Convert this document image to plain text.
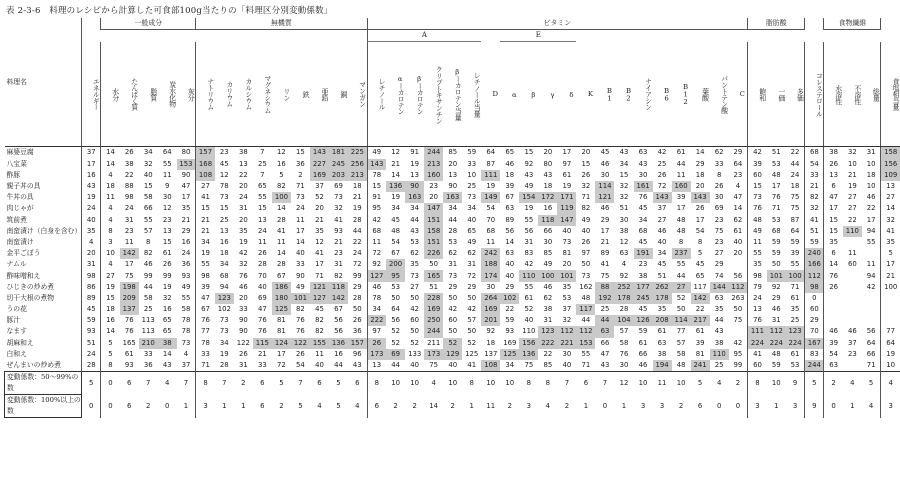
表 2-3-6　料理のレシピから計算した可食部100g当たりの「料理区分別変動係数」
料理名		一般成分					無機質									ビタミン																				脂肪酸				食物繊維			
																A							E																				
	エネルギー	水分	たんぱく質	脂質	炭水化物	灰分	ナトリウム	カリウム	カルシウム	マグネシウム	リン	鉄	亜鉛	銅	マンガン	レチノール	αーカロテン	βーカロテン	クリプトキサンチン	βーカロテン当量	レチノール当量	D	α	β	γ	δ	K	B1	B2	ナイアシン	B6	B12	葉酸	パントテン酸	C	飽和	一価	多価	コレステロール	水溶性	不溶性	総量	食塩相当量
麻婆豆腐	37	14	26	34	64	80	157	23	38	7	12	15	143	181	225	49	12	91	244	85	59	64	65	15	20	17	20	45	43	63	42	61	14	62	29	42	51	22	68	38	32	31	158
八宝菜	17	14	38	32	55	153	168	45	13	25	16	36	227	245	256	143	21	19	213	20	33	87	46	92	80	97	15	46	34	43	25	44	29	33	64	39	53	44	54	26	10	10	156
酢豚	16	4	22	40	11	90	108	12	22	7	5	2	169	203	213	78	14	13	160	13	10	111	18	43	43	61	26	30	15	30	26	11	18	8	23	60	48	24	33	13	21	18	109
親子丼の具	43	18	88	15	9	47	27	78	20	65	82	71	37	69	18	15	136	90	23	90	25	19	39	49	18	19	32	114	32	161	72	160	20	26	4	15	17	18	21	6	19	10	13
牛丼の具	19	11	98	58	30	17	41	73	24	55	100	73	52	73	21	91	19	163	20	163	73	149	67	154	172	171	71	121	32	76	143	39	143	30	47	73	76	75	82	47	27	46	27
肉じゃが	24	4	24	66	12	35	15	15	31	15	14	24	20	32	19	95	34	34	147	34	34	54	63	19	16	119	82	46	51	45	37	17	26	69	14	76	71	75	32	17	27	22	14
筑前煮	40	4	31	55	23	21	21	25	20	13	28	11	21	41	28	42	45	44	151	44	40	70	89	55	118	147	49	29	30	34	27	48	17	23	62	48	53	87	41	15	22	17	32
南蛮漬け（白身を含む）	35	8	23	57	13	29	21	13	35	24	41	17	35	93	44	68	48	43	158	28	65	68	56	56	66	40	40	17	38	68	46	48	54	75	61	49	68	64	51	15	110	94	41
南蛮漬け	4	3	11	8	15	16	34	16	19	11	11	14	12	21	22	11	54	53	151	53	49	11	14	31	30	73	26	21	12	45	40	8	8	23	40	11	59	59	59	35		55	35
金平ごぼう	20	10	142	82	61	24	19	18	42	26	14	40	41	23	24	72	67	62	226	62	62	242	63	83	85	81	97	89	63	191	34	237	5	27	20	55	59	39	240	6	11		5
ナムル	31	4	17	46	26	36	55	34	32	28	28	33	17	31	72	92	200	35	50	31	31	188	40	42	49	20	50	41	4	23	45	55	45	29		35	50	55	166	14	60	11	17
酢味噌和え	98	27	75	99	99	93	98	68	76	70	67	90	71	82	99	127	95	73	165	73	72	174	40	110	100	101	73	75	92	38	51	44	65	74	56	98	101	100	112	76		94	21
ひじきの炒め煮	86	19	198	44	19	49	39	94	46	40	186	49	121	118	29	46	53	27	51	29	29	30	29	55	46	35	162	88	252	177	262	27	117	144	112	79	92	71	98	26		42	100
切干大根の煮物	89	15	209	58	32	55	47	123	20	69	180	101	127	142	28	78	50	50	228	50	50	264	102	61	62	53	48	192	178	245	178	52	142	63	263	24	29	61	0				
うの花	45	18	137	25	16	58	67	102	33	47	125	82	45	67	50	34	64	42	169	42	42	169	22	52	38	37	117	25	28	45	35	50	22	35	50	13	46	35	60				
豚汁	59	16	76	113	65	78	76	73	90	76	81	76	82	56	26	222	56	60	250	60	57	201	59	40	31	32	44	44	104	126	208	114	217	44	75	76	31	25	29				
なます	93	14	76	113	65	78	77	73	90	76	81	76	82	56	36	97	52	50	244	50	50	92	93	110	123	112	112	63	57	59	61	77	61	43		111	112	123	70	46	46	56	77
胡麻和え	51	5	165	210	38	73	78	34	122	115	124	122	155	136	157	26	52	52	211	52	52	18	169	156	222	221	153	66	58	61	63	57	39	38	42	224	224	224	167	39	37	64	64
白和え	24	5	61	33	14	4	33	19	26	21	17	26	11	16	96	173	69	133	173	129	125	137	125	136	22	30	55	47	76	66	38	58	81	110	95	41	48	61	83	54	23	66	19
ぜんまいの炒め煮	28	8	93	36	43	37	71	28	31	33	72	54	40	44	43	13	44	40	75	40	41	108	34	75	85	40	71	43	30	46	194	48	241	25	99	60	59	53	244	63		71	10
変動係数：50～99%の数	5	0	6	7	4	7	8	7	2	6	5	7	6	5	6	8	10	10	4	10	8	10	10	8	8	7	6	7	12	10	11	10	5	4	2	8	10	9	5	2	4	5	4
変動係数：100%以上の数	0	0	6	2	0	1	3	1	1	6	2	5	4	5	4	6	2	2	14	2	1	11	2	3	4	2	1	0	1	3	3	2	6	0	0	3	1	3	9	0	1	4	3
